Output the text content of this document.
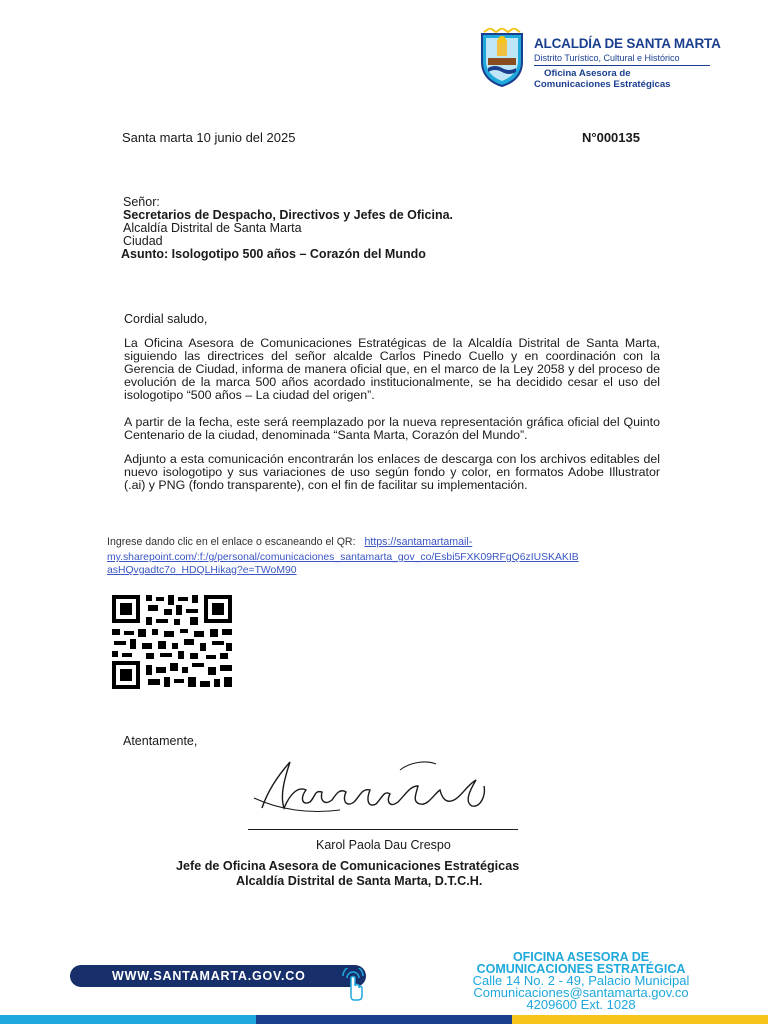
ALCALDÍA DE SANTA MARTA
Distrito Turístico, Cultural e Histórico
Oficina Asesora de
Comunicaciones Estratégicas
Santa marta 10 junio del 2025	N°000135
Señor:
Secretarios de Despacho, Directivos y Jefes de Oficina.
Alcaldía Distrital de Santa Marta
Ciudad
Asunto: Isologotipo 500 años – Corazón del Mundo
Cordial saludo,
La Oficina Asesora de Comunicaciones Estratégicas de la Alcaldía Distrital de Santa Marta, siguiendo las directrices del señor alcalde Carlos Pinedo Cuello y en coordinación con la Gerencia de Ciudad, informa de manera oficial que, en el marco de la Ley 2058 y del proceso de evolución de la marca 500 años acordado institucionalmente, se ha decidido cesar el uso del isologotipo “500 años – La ciudad del origen”.
A partir de la fecha, este será reemplazado por la nueva representación gráfica oficial del Quinto Centenario de la ciudad, denominada “Santa Marta, Corazón del Mundo”.
Adjunto a esta comunicación encontrarán los enlaces de descarga con los archivos editables del nuevo isologotipo y sus variaciones de uso según fondo y color, en formatos Adobe Illustrator (.ai) y PNG (fondo transparente), con el fin de facilitar su implementación.
Ingrese dando clic en el enlace o escaneando el QR: https://santamartamail-
my.sharepoint.com/:f:/g/personal/comunicaciones_santamarta_gov_co/Esbi5FXK09RFgQ6zIUSKAKIB
asHQvgadtc7o_HDQLHikag?e=TWoM90
Atentamente,
Karol Paola Dau Crespo
Jefe de Oficina Asesora de Comunicaciones Estratégicas
Alcaldía Distrital de Santa Marta, D.T.C.H.
WWW.SANTAMARTA.GOV.CO
OFICINA ASESORA DE
COMUNICACIONES ESTRATÉGICA
Calle 14 No. 2 - 49, Palacio Municipal
Comunicaciones@santamarta.gov.co
4209600 Ext. 1028
